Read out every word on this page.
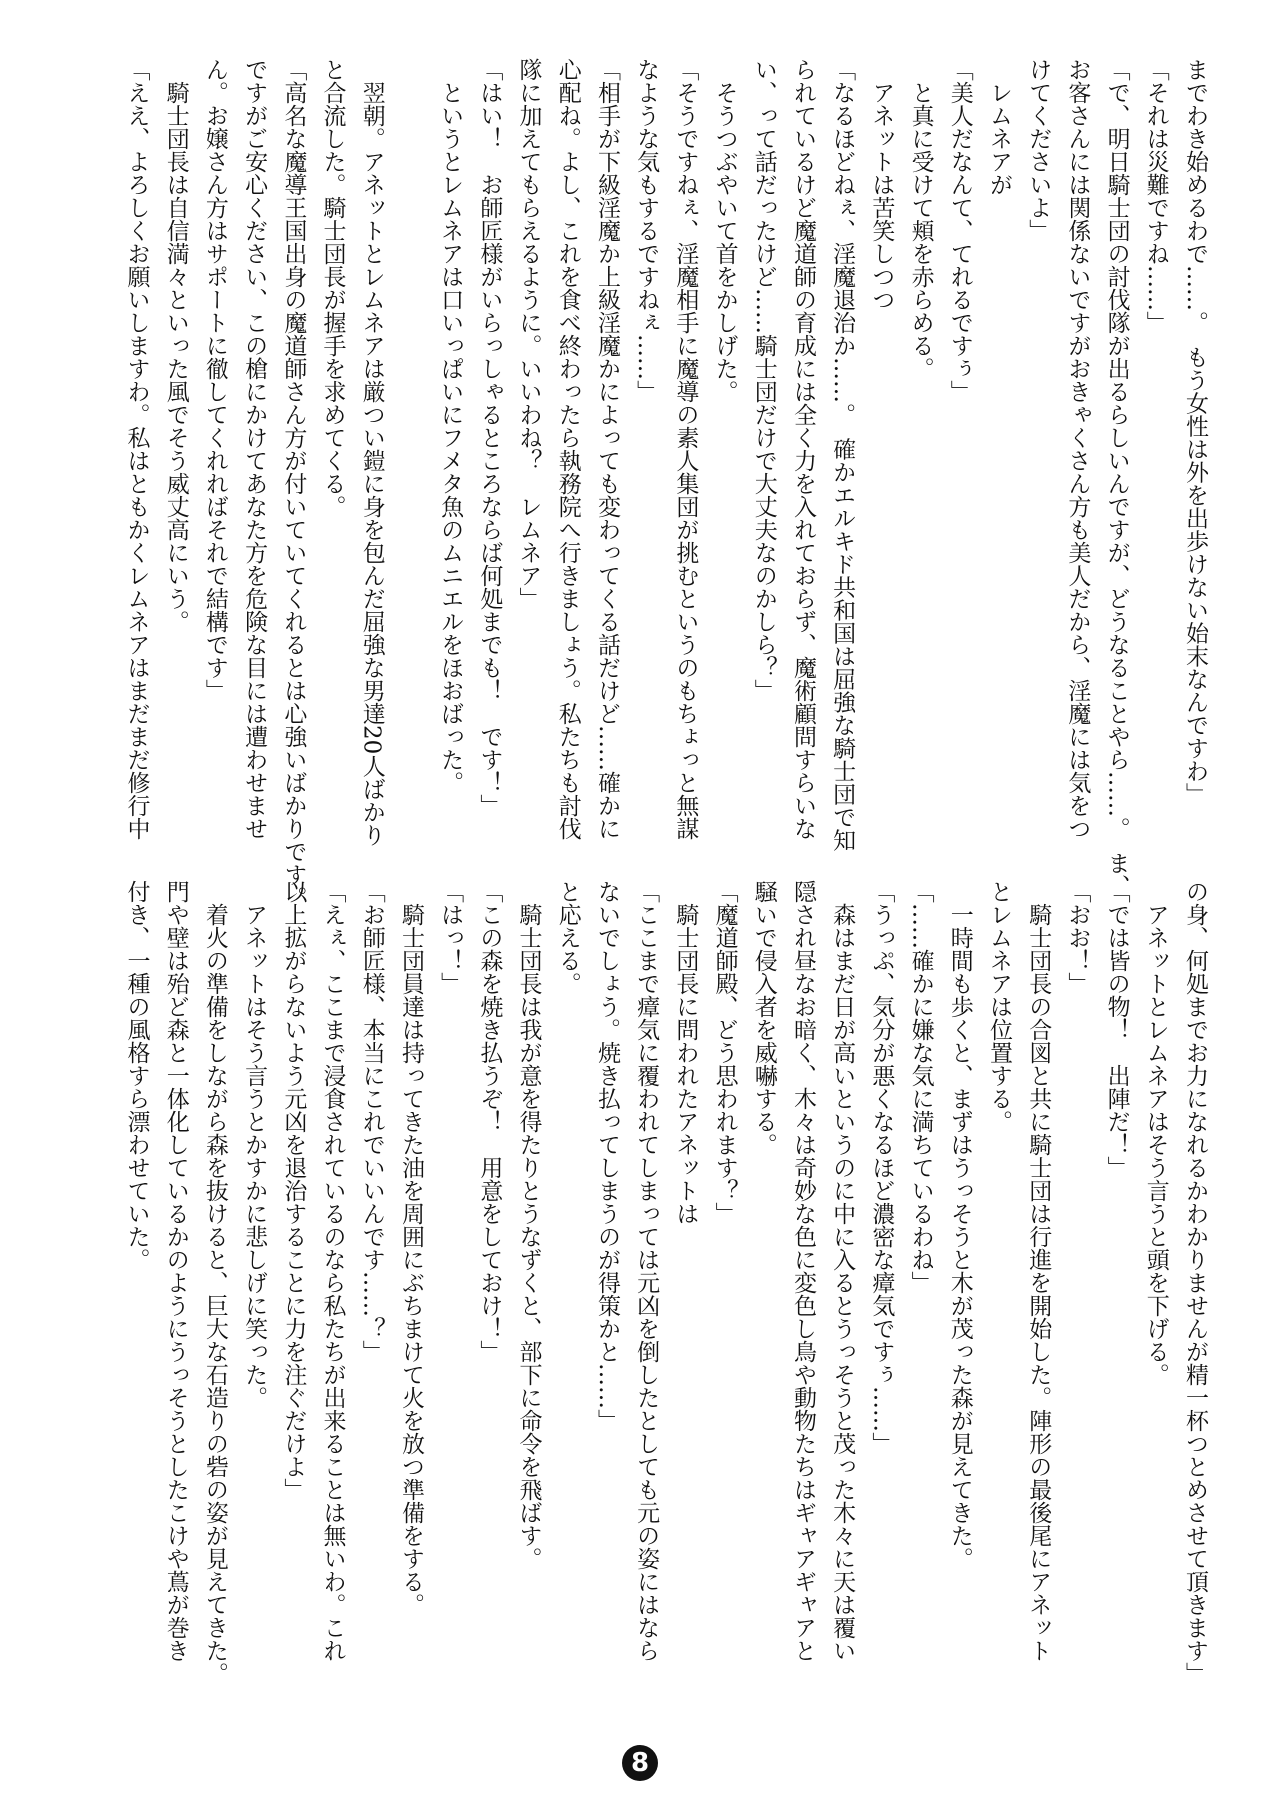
までわき始めるわで……。　もう女性は外を出歩けない始末なんですわ」
「それは災難ですね……」
「で、明日騎士団の討伐隊が出るらしいんですが、どうなることやら……。　ま、
お客さんには関係ないですがおきゃくさん方も美人だから、淫魔には気をつ
けてくださいよ」
　レムネアが
「美人だなんて、てれるですぅ」
　と真に受けて頬を赤らめる。
　アネットは苦笑しつつ
「なるほどねぇ、淫魔退治か……。　確かエルキド共和国は屈強な騎士団で知
られているけど魔道師の育成には全く力を入れておらず、魔術顧問すらいな
い、って話だったけど……騎士団だけで大丈夫なのかしら？」
　そうつぶやいて首をかしげた。
「そうですねぇ、淫魔相手に魔導の素人集団が挑むというのもちょっと無謀
なような気もするですねぇ……」
「相手が下級淫魔か上級淫魔かによっても変わってくる話だけど……確かに
心配ね。よし、これを食べ終わったら執務院へ行きましょう。私たちも討伐
隊に加えてもらえるように。いいわね？　レムネア」
「はい！　お師匠様がいらっしゃるところならば何処までも！　です！」
　というとレムネアは口いっぱいにフメタ魚のムニエルをほおばった。

　翌朝。アネットとレムネアは厳つい鎧に身を包んだ屈強な男達20人ばかり
と合流した。騎士団長が握手を求めてくる。
「高名な魔導王国出身の魔道師さん方が付いていてくれるとは心強いばかりです。
ですがご安心ください、この槍にかけてあなた方を危険な目には遭わせませ
ん。お嬢さん方はサポートに徹してくれればそれで結構です」
　騎士団長は自信満々といった風でそう威丈高にいう。
「ええ、よろしくお願いしますわ。私はともかくレムネアはまだまだ修行中
の身、何処までお力になれるかわかりませんが精一杯つとめさせて頂きます」
　アネットとレムネアはそう言うと頭を下げる。
「では皆の物！　出陣だ！」
「おお！」
　騎士団長の合図と共に騎士団は行進を開始した。陣形の最後尾にアネット
とレムネアは位置する。
　一時間も歩くと、まずはうっそうと木が茂った森が見えてきた。
「……確かに嫌な気に満ちているわね」
「うっぷ、気分が悪くなるほど濃密な瘴気ですぅ……」
　森はまだ日が高いというのに中に入るとうっそうと茂った木々に天は覆い
隠され昼なお暗く、木々は奇妙な色に変色し鳥や動物たちはギャアギャアと
騒いで侵入者を威嚇する。
「魔道師殿、どう思われます？」
　騎士団長に問われたアネットは
「ここまで瘴気に覆われてしまっては元凶を倒したとしても元の姿にはなら
ないでしょう。焼き払ってしまうのが得策かと……」
と応える。
　騎士団長は我が意を得たりとうなずくと、部下に命令を飛ばす。
「この森を焼き払うぞ！　用意をしておけ！」
「はっ！」
　騎士団員達は持ってきた油を周囲にぶちまけて火を放つ準備をする。
「お師匠様、本当にこれでいいんです……？」
「えぇ、ここまで浸食されているのなら私たちが出来ることは無いわ。これ
以上拡がらないよう元凶を退治することに力を注ぐだけよ」
　アネットはそう言うとかすかに悲しげに笑った。
　着火の準備をしながら森を抜けると、巨大な石造りの砦の姿が見えてきた。
門や壁は殆ど森と一体化しているかのようにうっそうとしたこけや蔦が巻き
付き、一種の風格すら漂わせていた。
8
